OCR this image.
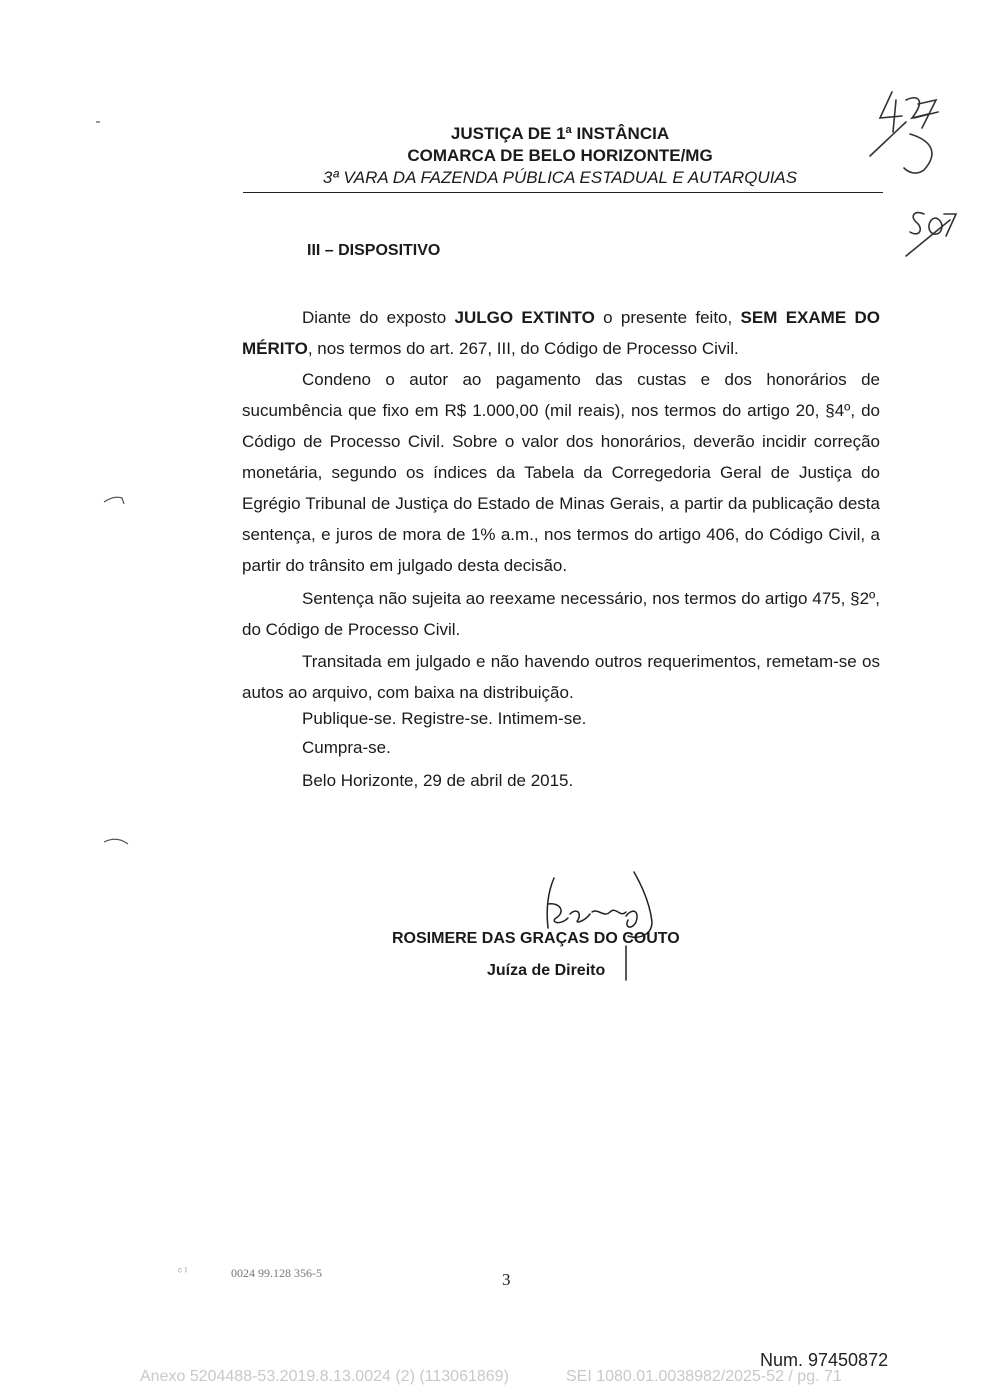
JUSTIÇA DE 1ª INSTÂNCIA
COMARCA DE BELO HORIZONTE/MG
3ª VARA DA FAZENDA PÚBLICA ESTADUAL E AUTARQUIAS
III – DISPOSITIVO

Diante do exposto JULGO EXTINTO o presente feito, SEM EXAME DO MÉRITO, nos termos do art. 267, III, do Código de Processo Civil.

Condeno o autor ao pagamento das custas e dos honorários de sucumbência que fixo em R$ 1.000,00 (mil reais), nos termos do artigo 20, §4º, do Código de Processo Civil. Sobre o valor dos honorários, deverão incidir correção monetária, segundo os índices da Tabela da Corregedoria Geral de Justiça do Egrégio Tribunal de Justiça do Estado de Minas Gerais, a partir da publicação desta sentença, e juros de mora de 1% a.m., nos termos do artigo 406, do Código Civil, a partir do trânsito em julgado desta decisão.

Sentença não sujeita ao reexame necessário, nos termos do artigo 475, §2º, do Código de Processo Civil.

Transitada em julgado e não havendo outros requerimentos, remetam-se os autos ao arquivo, com baixa na distribuição.

Publique-se. Registre-se. Intimem-se.
Cumpra-se.
Belo Horizonte, 29 de abril de 2015.
ROSIMERE DAS GRAÇAS DO COUTO
Juíza de Direito
ᶜ ᴵ	0024 99.128 356-5	3
Num. 97450872
Anexo 5204488-53.2019.8.13.0024 (2) (113061869)	SEI 1080.01.0038982/2025-52 / pg. 71
